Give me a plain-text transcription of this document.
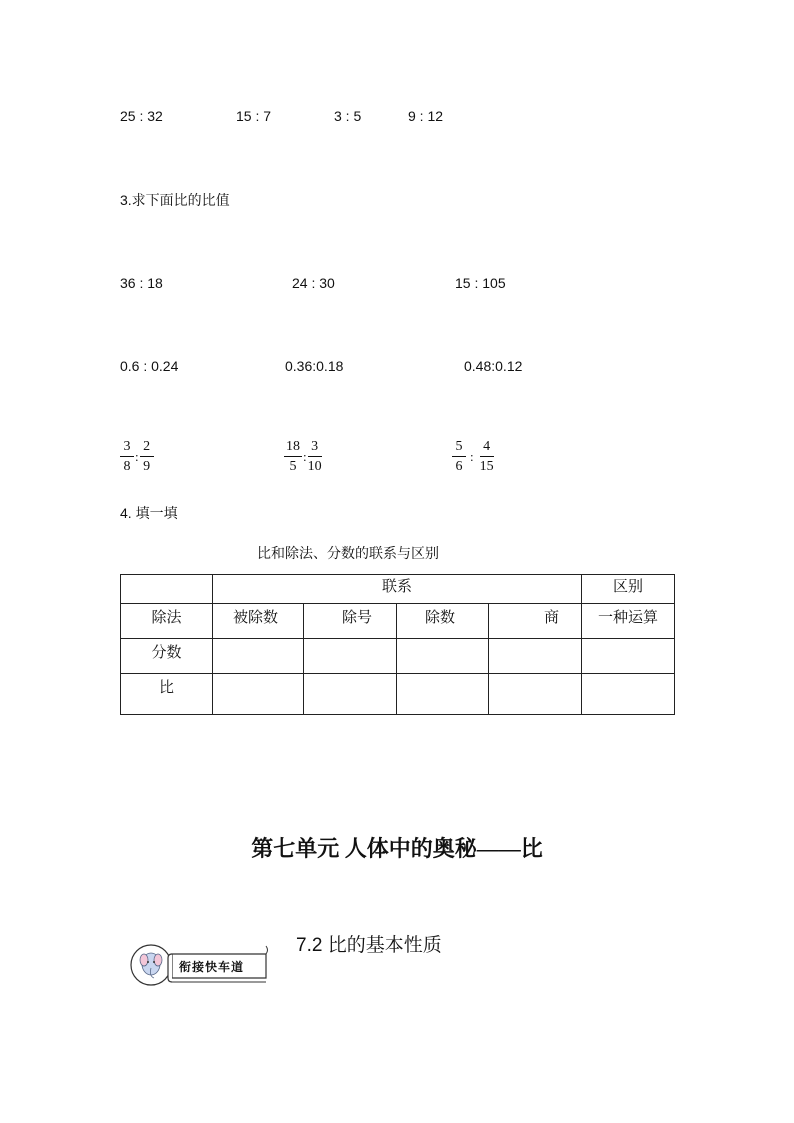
25 : 32	15 : 7	3 : 5	9 : 12
3.求下面比的比值
36 : 18	24 : 30	15 : 105
0.6 : 0.24	0.36:0.18	0.48:0.12
$\frac{3}{8}$ : $\frac{2}{9}$	$\frac{18}{5}$ : $\frac{3}{10}$	$\frac{5}{6}$ : $\frac{4}{15}$
4. 填一填
比和除法、分数的联系与区别
	联系				区别

除法	被除数	除号	除数	商	一种运算

分数					

比					

第七单元 人体中的奥秘——比
衔接快车道
7.2 比的基本性质
